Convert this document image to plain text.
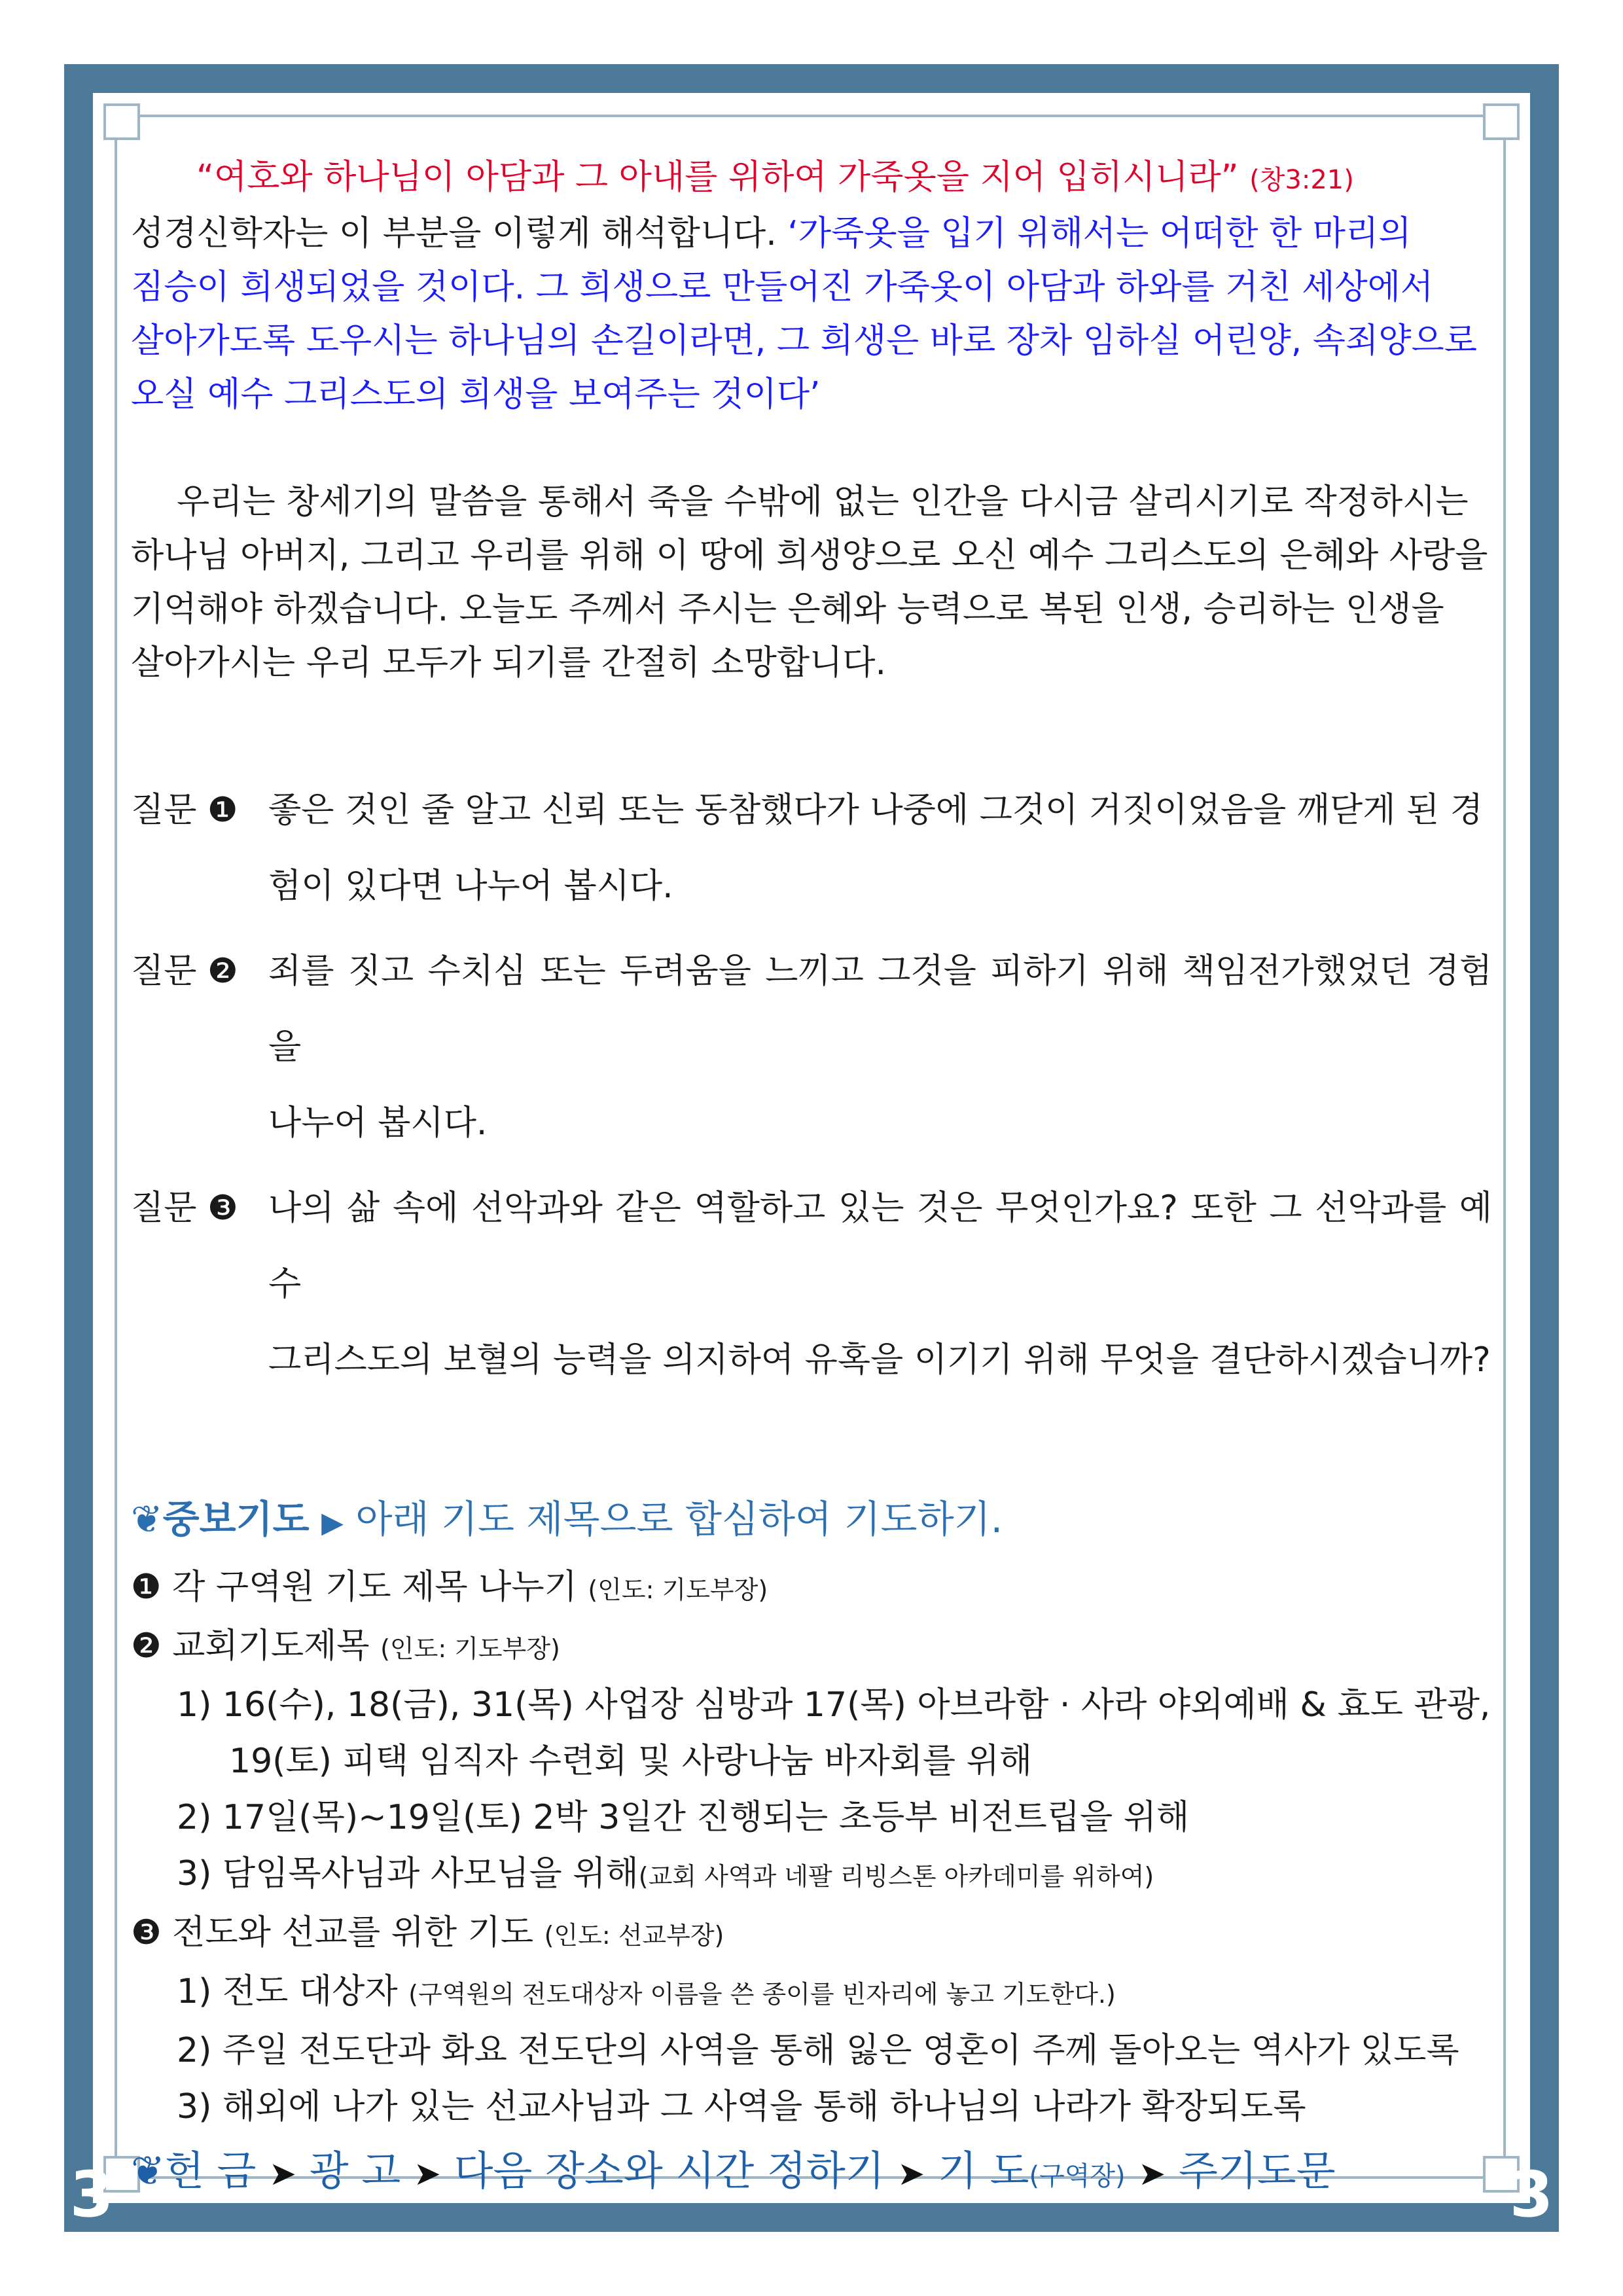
3	3

“여호와 하나님이 아담과 그 아내를 위하여 가죽옷을 지어 입히시니라” (창3:21)

성경신학자는 이 부분을 이렇게 해석합니다. ‘가죽옷을 입기 위해서는 어떠한 한 마리의

짐승이 희생되었을 것이다. 그 희생으로 만들어진 가죽옷이 아담과 하와를 거친 세상에서

살아가도록 도우시는 하나님의 손길이라면, 그 희생은 바로 장차 임하실 어린양, 속죄양으로

오실 예수 그리스도의 희생을 보여주는 것이다’

우리는 창세기의 말씀을 통해서 죽을 수밖에 없는 인간을 다시금 살리시기로 작정하시는

하나님 아버지, 그리고 우리를 위해 이 땅에 희생양으로 오신 예수 그리스도의 은혜와 사랑을

기억해야 하겠습니다. 오늘도 주께서 주시는 은혜와 능력으로 복된 인생, 승리하는 인생을

살아가시는 우리 모두가 되기를 간절히 소망합니다.

질문 ❶ 좋은 것인 줄 알고 신뢰 또는 동참했다가 나중에 그것이 거짓이었음을 깨닫게 된 경
험이 있다면 나누어 봅시다.
질문 ❷ 죄를 짓고 수치심 또는 두려움을 느끼고 그것을 피하기 위해 책임전가했었던 경험을
나누어 봅시다.
질문 ❸ 나의 삶 속에 선악과와 같은 역할하고 있는 것은 무엇인가요? 또한 그 선악과를 예수
그리스도의 보혈의 능력을 의지하여 유혹을 이기기 위해 무엇을 결단하시겠습니까?

❦중보기도 ▶ 아래 기도 제목으로 합심하여 기도하기.

❶ 각 구역원 기도 제목 나누기 (인도: 기도부장)

❷ 교회기도제목 (인도: 기도부장)

1) 16(수), 18(금), 31(목) 사업장 심방과 17(목) 아브라함 · 사라 야외예배 & 효도 관광,

19(토) 피택 임직자 수련회 및 사랑나눔 바자회를 위해

2) 17일(목)~19일(토) 2박 3일간 진행되는 초등부 비전트립을 위해

3) 담임목사님과 사모님을 위해(교회 사역과 네팔 리빙스톤 아카데미를 위하여)

❸ 전도와 선교를 위한 기도 (인도: 선교부장)

1) 전도 대상자 (구역원의 전도대상자 이름을 쓴 종이를 빈자리에 놓고 기도한다.)

2) 주일 전도단과 화요 전도단의 사역을 통해 잃은 영혼이 주께 돌아오는 역사가 있도록

3) 해외에 나가 있는 선교사님과 그 사역을 통해 하나님의 나라가 확장되도록

❦헌 금 ➤ 광 고 ➤ 다음 장소와 시간 정하기 ➤ 기 도(구역장) ➤ 주기도문
